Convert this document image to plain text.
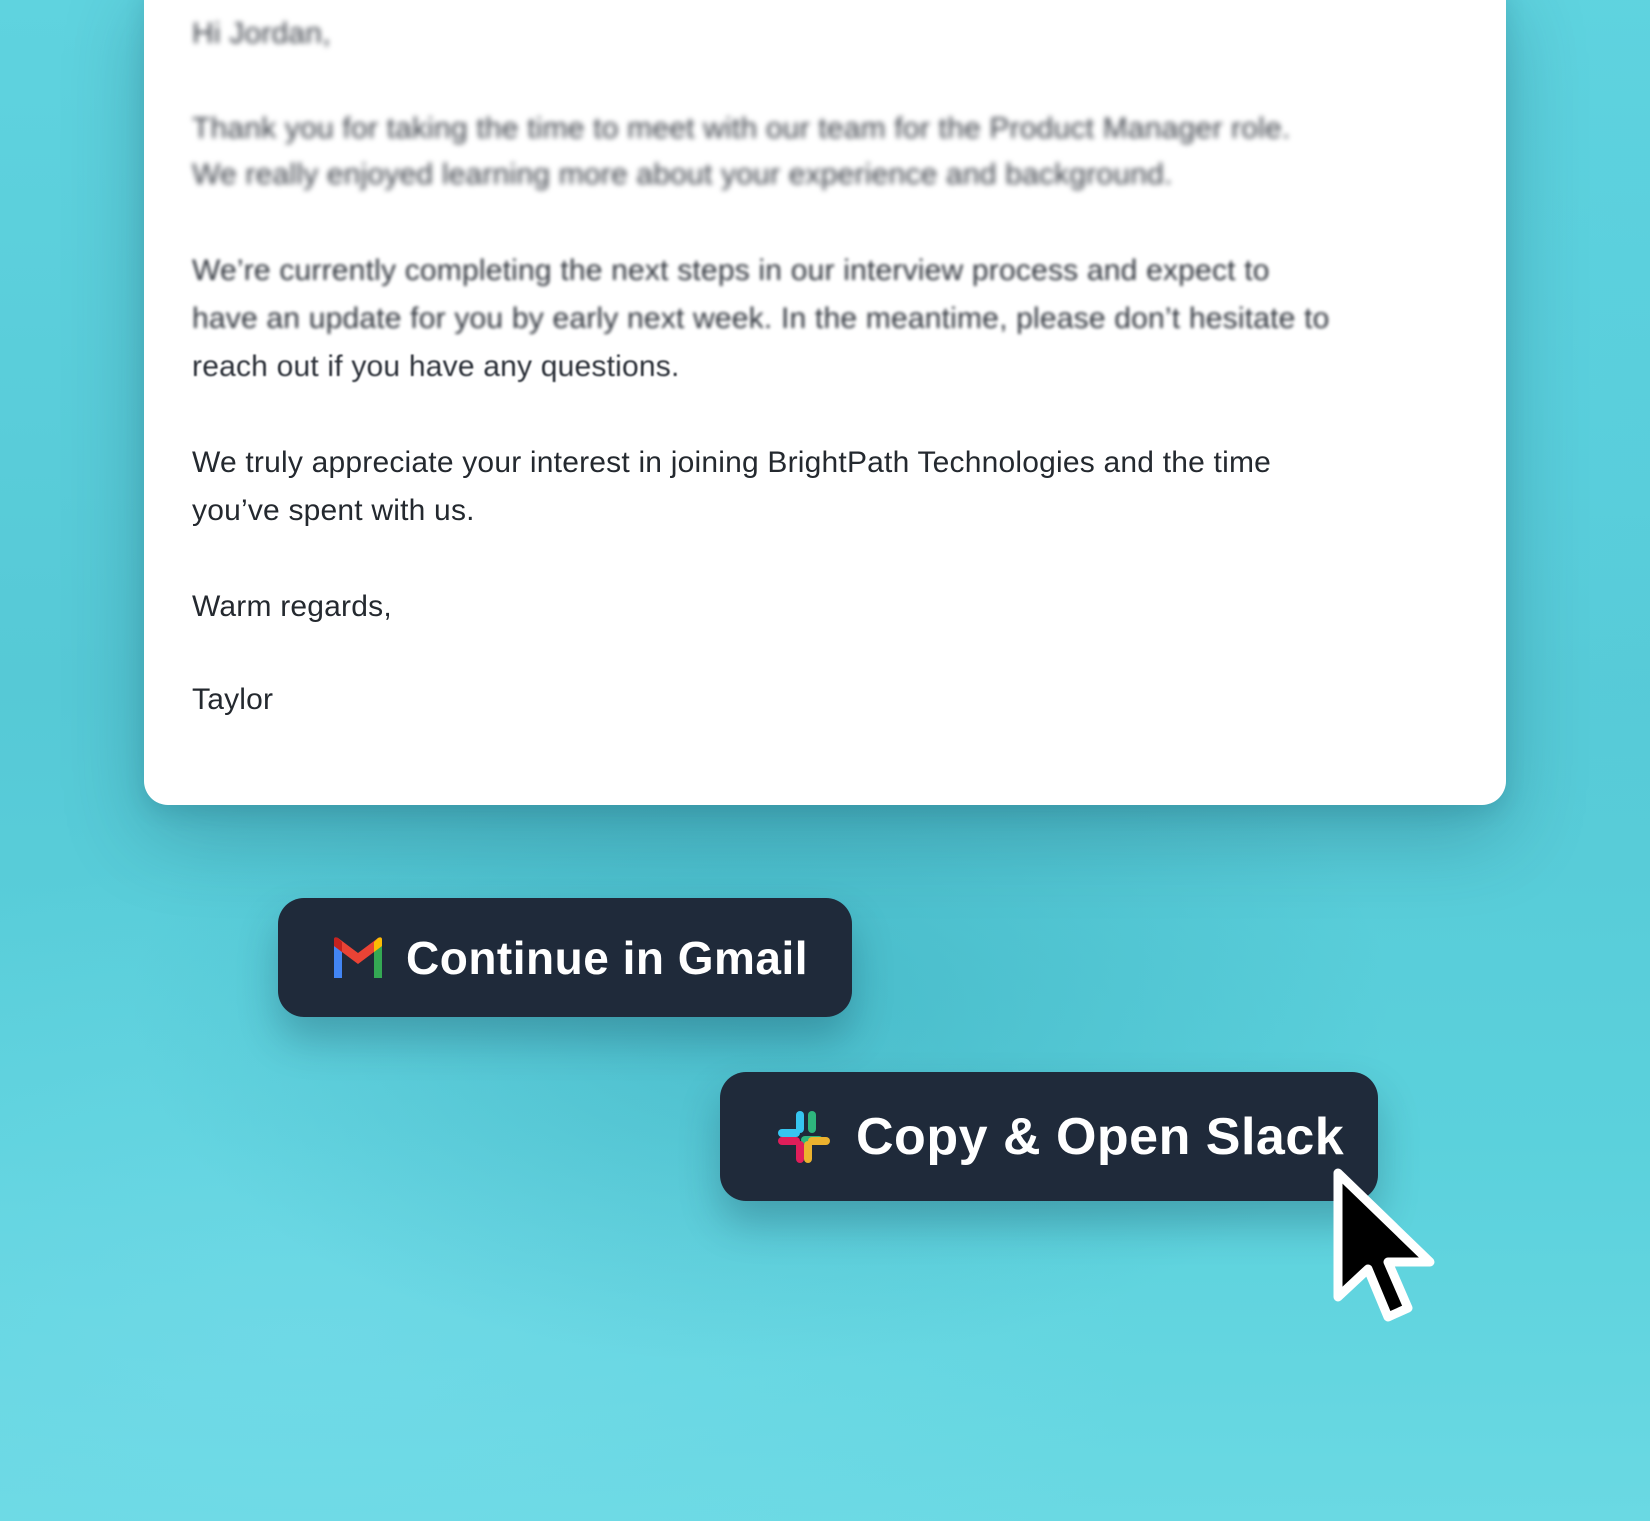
Hi Jordan,
Thank you for taking the time to meet with our team for the Product Manager role.
We really enjoyed learning more about your experience and background.
We’re currently completing the next steps in our interview process and expect to
have an update for you by early next week. In the meantime, please don’t hesitate to
reach out if you have any questions.
We truly appreciate your interest in joining BrightPath Technologies and the time
you’ve spent with us.
Warm regards,
Taylor
Continue in Gmail
Copy & Open Slack
